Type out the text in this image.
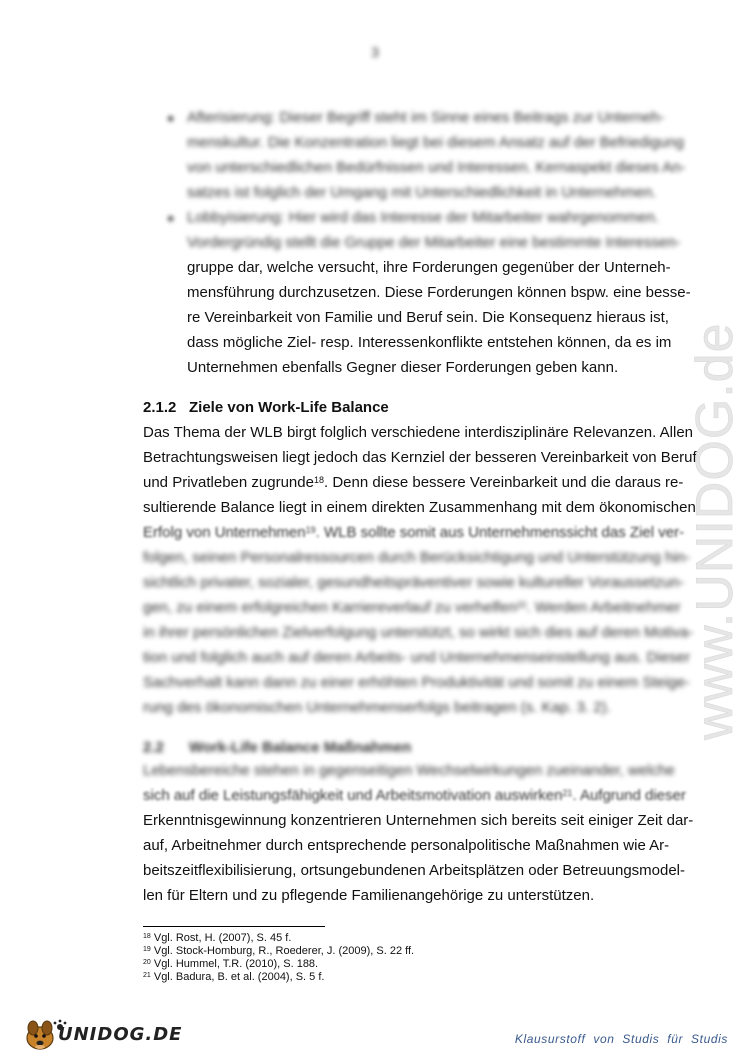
3
● Afterisierung: Dieser Begriff steht im Sinne eines Beitrags zur Unterneh-
menskultur. Die Konzentration liegt bei diesem Ansatz auf der Befriedigung
von unterschiedlichen Bedürfnissen und Interessen. Kernaspekt dieses An-
satzes ist folglich der Umgang mit Unterschiedlichkeit in Unternehmen.
● Lobbyisierung: Hier wird das Interesse der Mitarbeiter wahrgenommen.
Vordergründig stellt die Gruppe der Mitarbeiter eine bestimmte Interessen-
gruppe dar, welche versucht, ihre Forderungen gegenüber der Unterneh-
mensführung durchzusetzen. Diese Forderungen können bspw. eine besse-
re Vereinbarkeit von Familie und Beruf sein. Die Konsequenz hieraus ist,
dass mögliche Ziel- resp. Interessenkonflikte entstehen können, da es im
Unternehmen ebenfalls Gegner dieser Forderungen geben kann.
2.1.2 Ziele von Work-Life Balance
Das Thema der WLB birgt folglich verschiedene interdisziplinäre Relevanzen. Allen
Betrachtungsweisen liegt jedoch das Kernziel der besseren Vereinbarkeit von Beruf
und Privatleben zugrunde$^{18}$. Denn diese bessere Vereinbarkeit und die daraus re-
sultierende Balance liegt in einem direkten Zusammenhang mit dem ökonomischen
Erfolg von Unternehmen$^{19}$. WLB sollte somit aus Unternehmenssicht das Ziel ver-
folgen, seinen Personalressourcen durch Berücksichtigung und Unterstützung hin-
sichtlich privater, sozialer, gesundheitspräventiver sowie kultureller Voraussetzun-
gen, zu einem erfolgreichen Karriereverlauf zu verhelfen$^{20}$. Werden Arbeitnehmer
in ihrer persönlichen Zielverfolgung unterstützt, so wirkt sich dies auf deren Motiva-
tion und folglich auch auf deren Arbeits- und Unternehmenseinstellung aus. Dieser
Sachverhalt kann dann zu einer erhöhten Produktivität und somit zu einem Steige-
rung des ökonomischen Unternehmenserfolgs beitragen (s. Kap. 3. 2).
2.2 Work-Life Balance Maßnahmen
Lebensbereiche stehen in gegenseitigen Wechselwirkungen zueinander, welche
sich auf die Leistungsfähigkeit und Arbeitsmotivation auswirken$^{21}$. Aufgrund dieser
Erkenntnisgewinnung konzentrieren Unternehmen sich bereits seit einiger Zeit dar-
auf, Arbeitnehmer durch entsprechende personalpolitische Maßnahmen wie Ar-
beitszeitflexibilisierung, ortsungebundenen Arbeitsplätzen oder Betreuungsmodel-
len für Eltern und zu pflegende Familienangehörige zu unterstützen.
$^{18}$ Vgl. Rost, H. (2007), S. 45 f.
$^{19}$ Vgl. Stock-Homburg, R., Roederer, J. (2009), S. 22 ff.
$^{20}$ Vgl. Hummel, T.R. (2010), S. 188.
$^{21}$ Vgl. Badura, B. et al. (2004), S. 5 f.
www.UNIDOG.de
UNIDOG.DE	Klausurstoff von Studis für Studis
